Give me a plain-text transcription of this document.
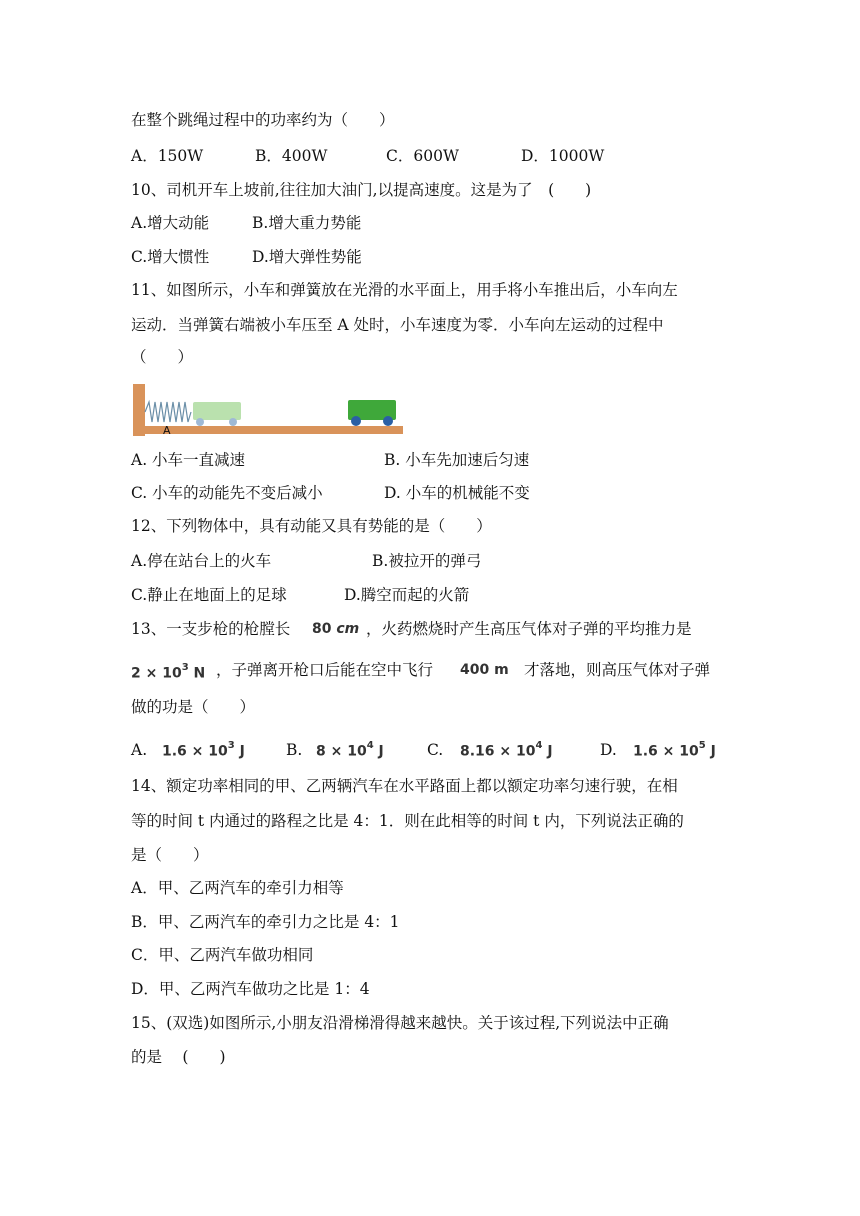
在整个跳绳过程中的功率约为（　　）
A．150W	B．400W	C．600W	D．1000W
10、司机开车上坡前,往往加大油门,以提高速度。这是为了　(　　)
A.增大动能	B.增大重力势能
C.增大惯性	D.增大弹性势能
11、如图所示，小车和弹簧放在光滑的水平面上，用手将小车推出后，小车向左
运动．当弹簧右端被小车压至 A 处时，小车速度为零．小车向左运动的过程中
（　　）
A
A. 小车一直减速	B. 小车先加速后匀速
C. 小车的动能先不变后减小	D. 小车的机械能不变
12、下列物体中，具有动能又具有势能的是（　　）
A.停在站台上的火车	B.被拉开的弹弓
C.静止在地面上的足球	D.腾空而起的火箭
13、一支步枪的枪膛长 80 cm ，火药燃烧时产生高压气体对子弹的平均推力是
$2 \times 10^3$ N ，子弹离开枪口后能在空中飞行 400 m 才落地，则高压气体对子弹
做的功是（　　）
A. $1.6 \times 10^3$ J	B. $8 \times 10^4$ J	C. $8.16 \times 10^4$ J	D. $1.6 \times 10^5$ J
14、额定功率相同的甲、乙两辆汽车在水平路面上都以额定功率匀速行驶，在相
等的时间 t 内通过的路程之比是 4：1．则在此相等的时间 t 内，下列说法正确的
是（　　）
A．甲、乙两汽车的牵引力相等
B．甲、乙两汽车的牵引力之比是 4：1
C．甲、乙两汽车做功相同
D．甲、乙两汽车做功之比是 1：4
15、(双选)如图所示,小朋友沿滑梯滑得越来越快。关于该过程,下列说法中正确
的是　 (　　)
